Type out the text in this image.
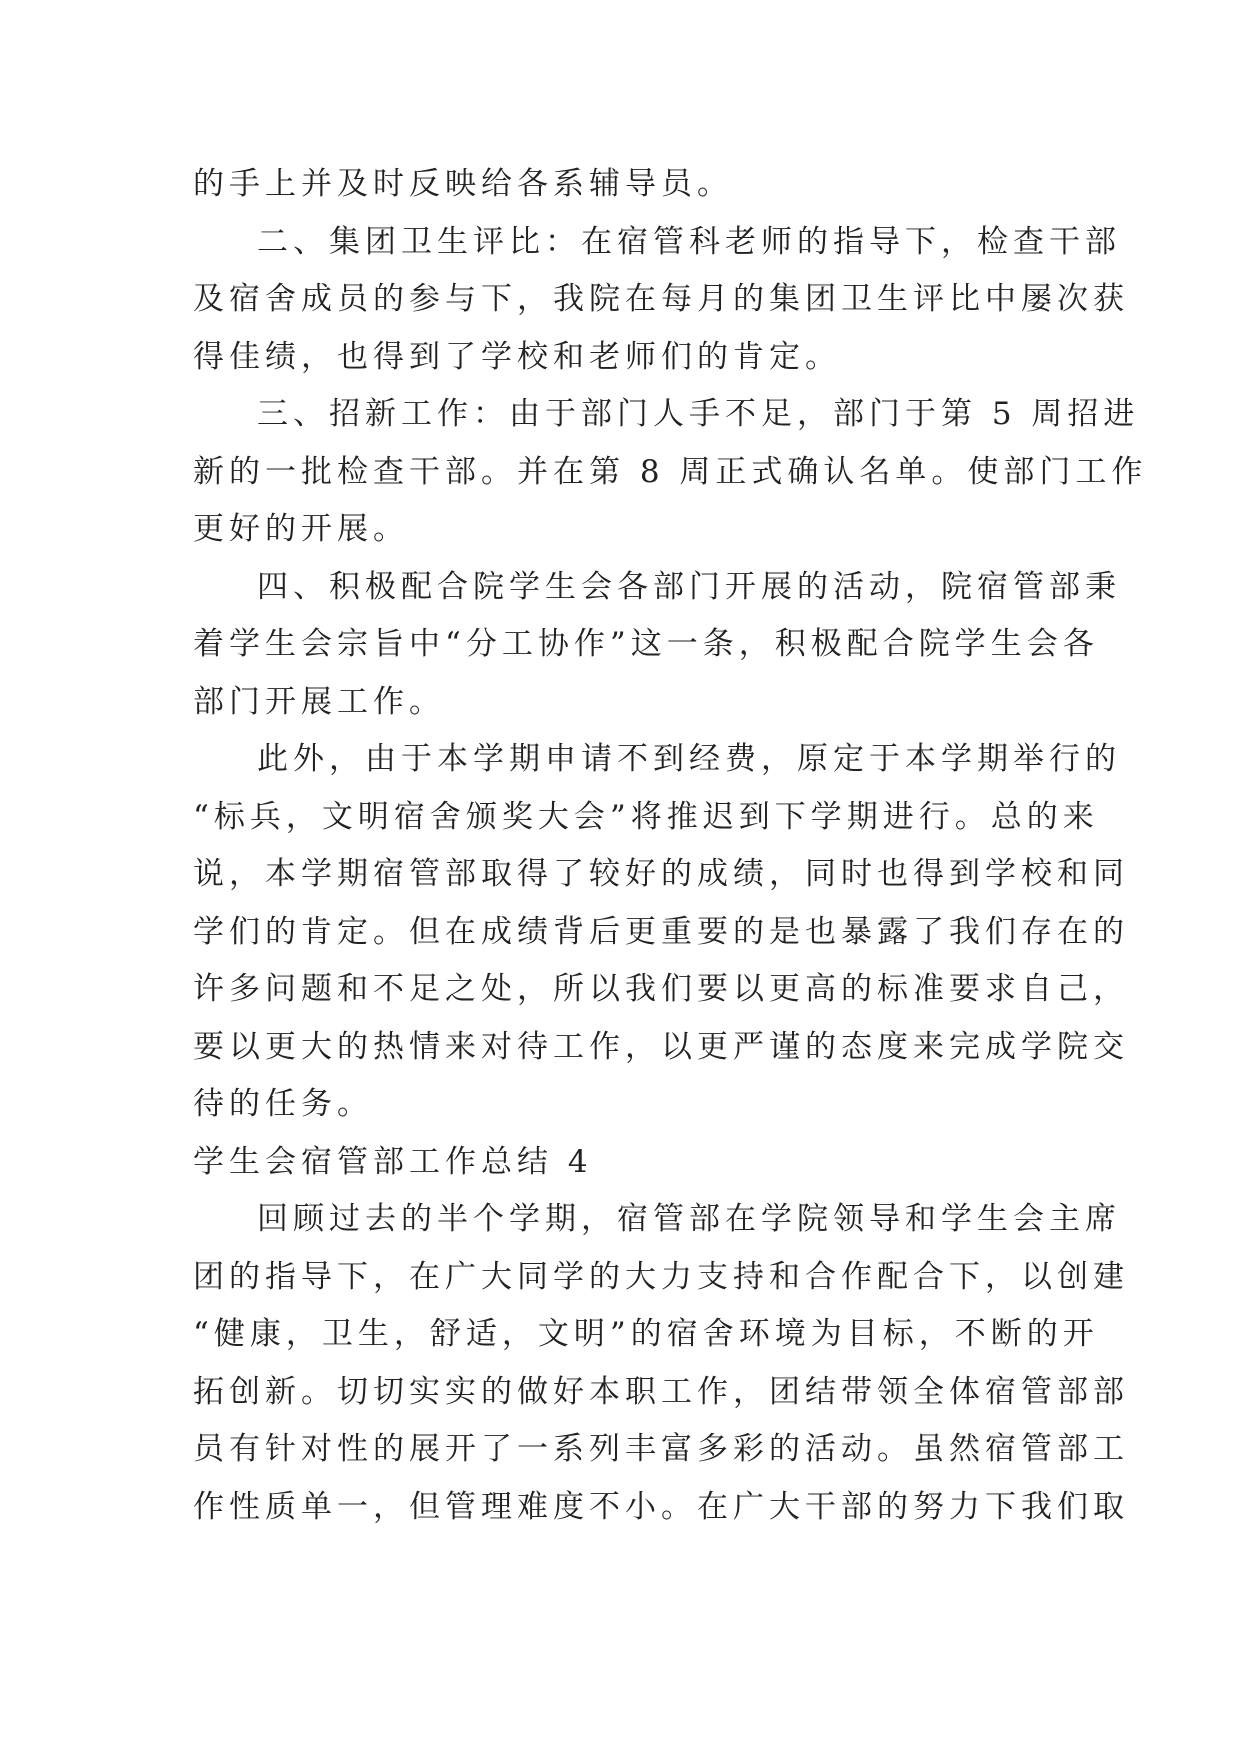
的手上并及时反映给各系辅导员。
二、集团卫生评比：在宿管科老师的指导下，检查干部
及宿舍成员的参与下，我院在每月的集团卫生评比中屡次获
得佳绩，也得到了学校和老师们的肯定。
三、招新工作：由于部门人手不足，部门于第 5 周招进
新的一批检查干部。并在第 8 周正式确认名单。使部门工作
更好的开展。
四、积极配合院学生会各部门开展的活动，院宿管部秉
着学生会宗旨中“分工协作”这一条，积极配合院学生会各
部门开展工作。
此外，由于本学期申请不到经费，原定于本学期举行的
“标兵，文明宿舍颁奖大会”将推迟到下学期进行。总的来
说，本学期宿管部取得了较好的成绩，同时也得到学校和同
学们的肯定。但在成绩背后更重要的是也暴露了我们存在的
许多问题和不足之处，所以我们要以更高的标准要求自己，
要以更大的热情来对待工作，以更严谨的态度来完成学院交
待的任务。
学生会宿管部工作总结 4
回顾过去的半个学期，宿管部在学院领导和学生会主席
团的指导下，在广大同学的大力支持和合作配合下，以创建
“健康，卫生，舒适，文明”的宿舍环境为目标，不断的开
拓创新。切切实实的做好本职工作，团结带领全体宿管部部
员有针对性的展开了一系列丰富多彩的活动。虽然宿管部工
作性质单一，但管理难度不小。在广大干部的努力下我们取
